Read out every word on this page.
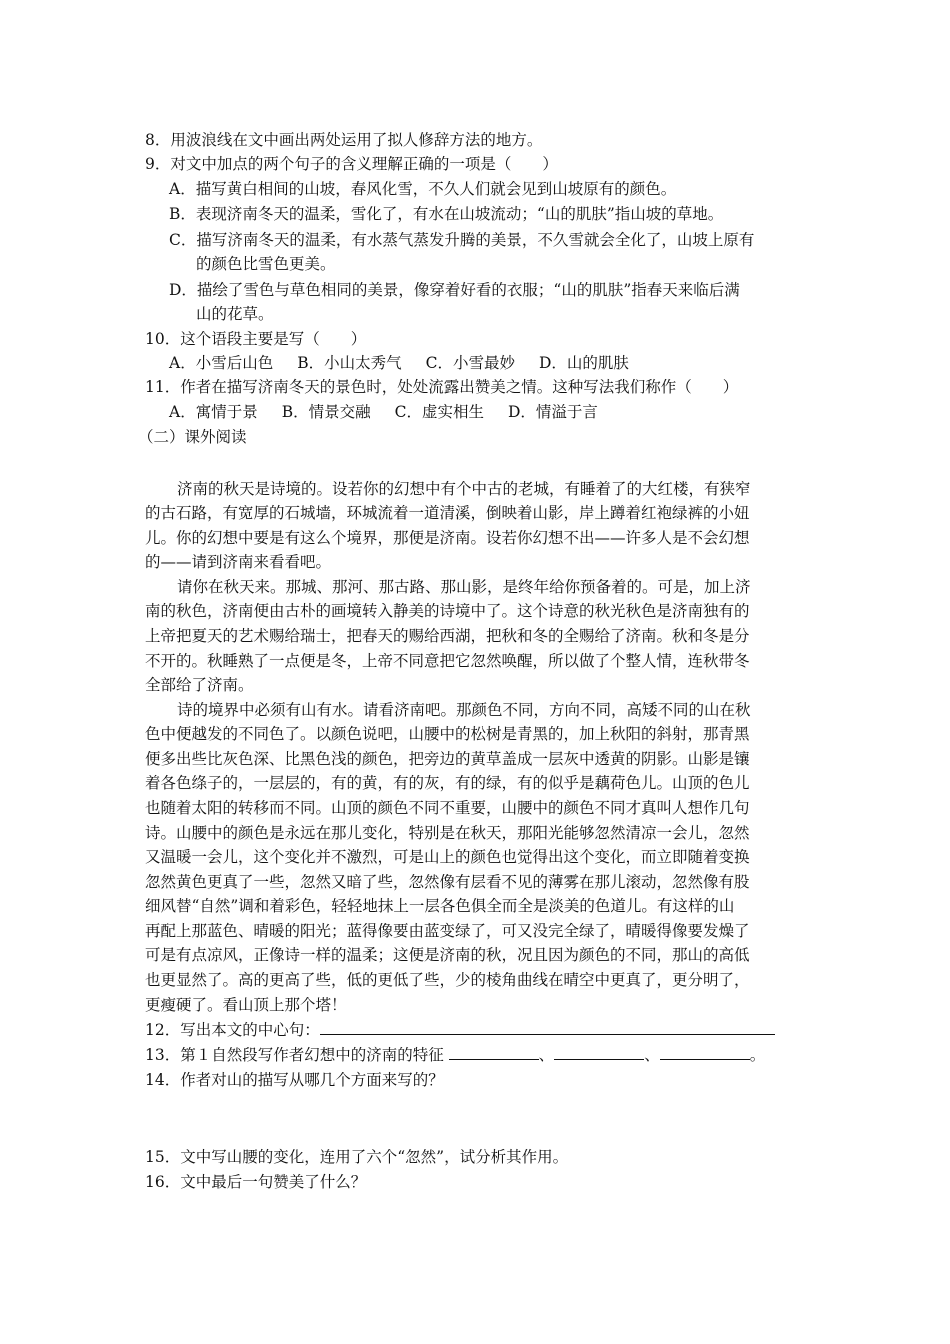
8．用波浪线在文中画出两处运用了拟人修辞方法的地方。
9．对文中加点的两个句子的含义理解正确的一项是（　　）
A．描写黄白相间的山坡，春风化雪，不久人们就会见到山坡原有的颜色。
B．表现济南冬天的温柔，雪化了，有水在山坡流动；“山的肌肤”指山坡的草地。
C．描写济南冬天的温柔，有水蒸气蒸发升腾的美景，不久雪就会全化了，山坡上原有
的颜色比雪色更美。
D．描绘了雪色与草色相同的美景，像穿着好看的衣服；“山的肌肤”指春天来临后满
山的花草。
10．这个语段主要是写（　　）
A．小雪后山色 B．小山太秀气 C．小雪最妙 D．山的肌肤
11．作者在描写济南冬天的景色时，处处流露出赞美之情。这种写法我们称作（　　）
A．寓情于景 B．情景交融 C．虚实相生 D．情溢于言
（二）课外阅读
济南的秋天是诗境的。设若你的幻想中有个中古的老城，有睡着了的大红楼，有狭窄
的古石路，有宽厚的石城墙，环城流着一道清溪，倒映着山影，岸上蹲着红袍绿裤的小妞
儿。你的幻想中要是有这么个境界，那便是济南。设若你幻想不出——许多人是不会幻想
的——请到济南来看看吧。
请你在秋天来。那城、那河、那古路、那山影，是终年给你预备着的。可是，加上济
南的秋色，济南便由古朴的画境转入静美的诗境中了。这个诗意的秋光秋色是济南独有的
上帝把夏天的艺术赐给瑞士，把春天的赐给西湖，把秋和冬的全赐给了济南。秋和冬是分
不开的。秋睡熟了一点便是冬，上帝不同意把它忽然唤醒，所以做了个整人情，连秋带冬
全部给了济南。
诗的境界中必须有山有水。请看济南吧。那颜色不同，方向不同，高矮不同的山在秋
色中便越发的不同色了。以颜色说吧，山腰中的松树是青黑的，加上秋阳的斜射，那青黑
便多出些比灰色深、比黑色浅的颜色，把旁边的黄草盖成一层灰中透黄的阴影。山影是镶
着各色绦子的，一层层的，有的黄，有的灰，有的绿，有的似乎是藕荷色儿。山顶的色儿
也随着太阳的转移而不同。山顶的颜色不同不重要，山腰中的颜色不同才真叫人想作几句
诗。山腰中的颜色是永远在那儿变化，特别是在秋天，那阳光能够忽然清凉一会儿，忽然
又温暖一会儿，这个变化并不激烈，可是山上的颜色也觉得出这个变化，而立即随着变换
忽然黄色更真了一些，忽然又暗了些，忽然像有层看不见的薄雾在那儿滚动，忽然像有股
细风替“自然”调和着彩色，轻轻地抹上一层各色俱全而全是淡美的色道儿。有这样的山
再配上那蓝色、晴暖的阳光；蓝得像要由蓝变绿了，可又没完全绿了，晴暖得像要发燥了
可是有点凉风，正像诗一样的温柔；这便是济南的秋，况且因为颜色的不同，那山的高低
也更显然了。高的更高了些，低的更低了些，少的棱角曲线在晴空中更真了，更分明了，
更瘦硬了。看山顶上那个塔！
12．写出本文的中心句：
13．第１自然段写作者幻想中的济南的特征	、	、	。
14．作者对山的描写从哪几个方面来写的？
15．文中写山腰的变化，连用了六个“忽然”，试分析其作用。
16．文中最后一句赞美了什么？
